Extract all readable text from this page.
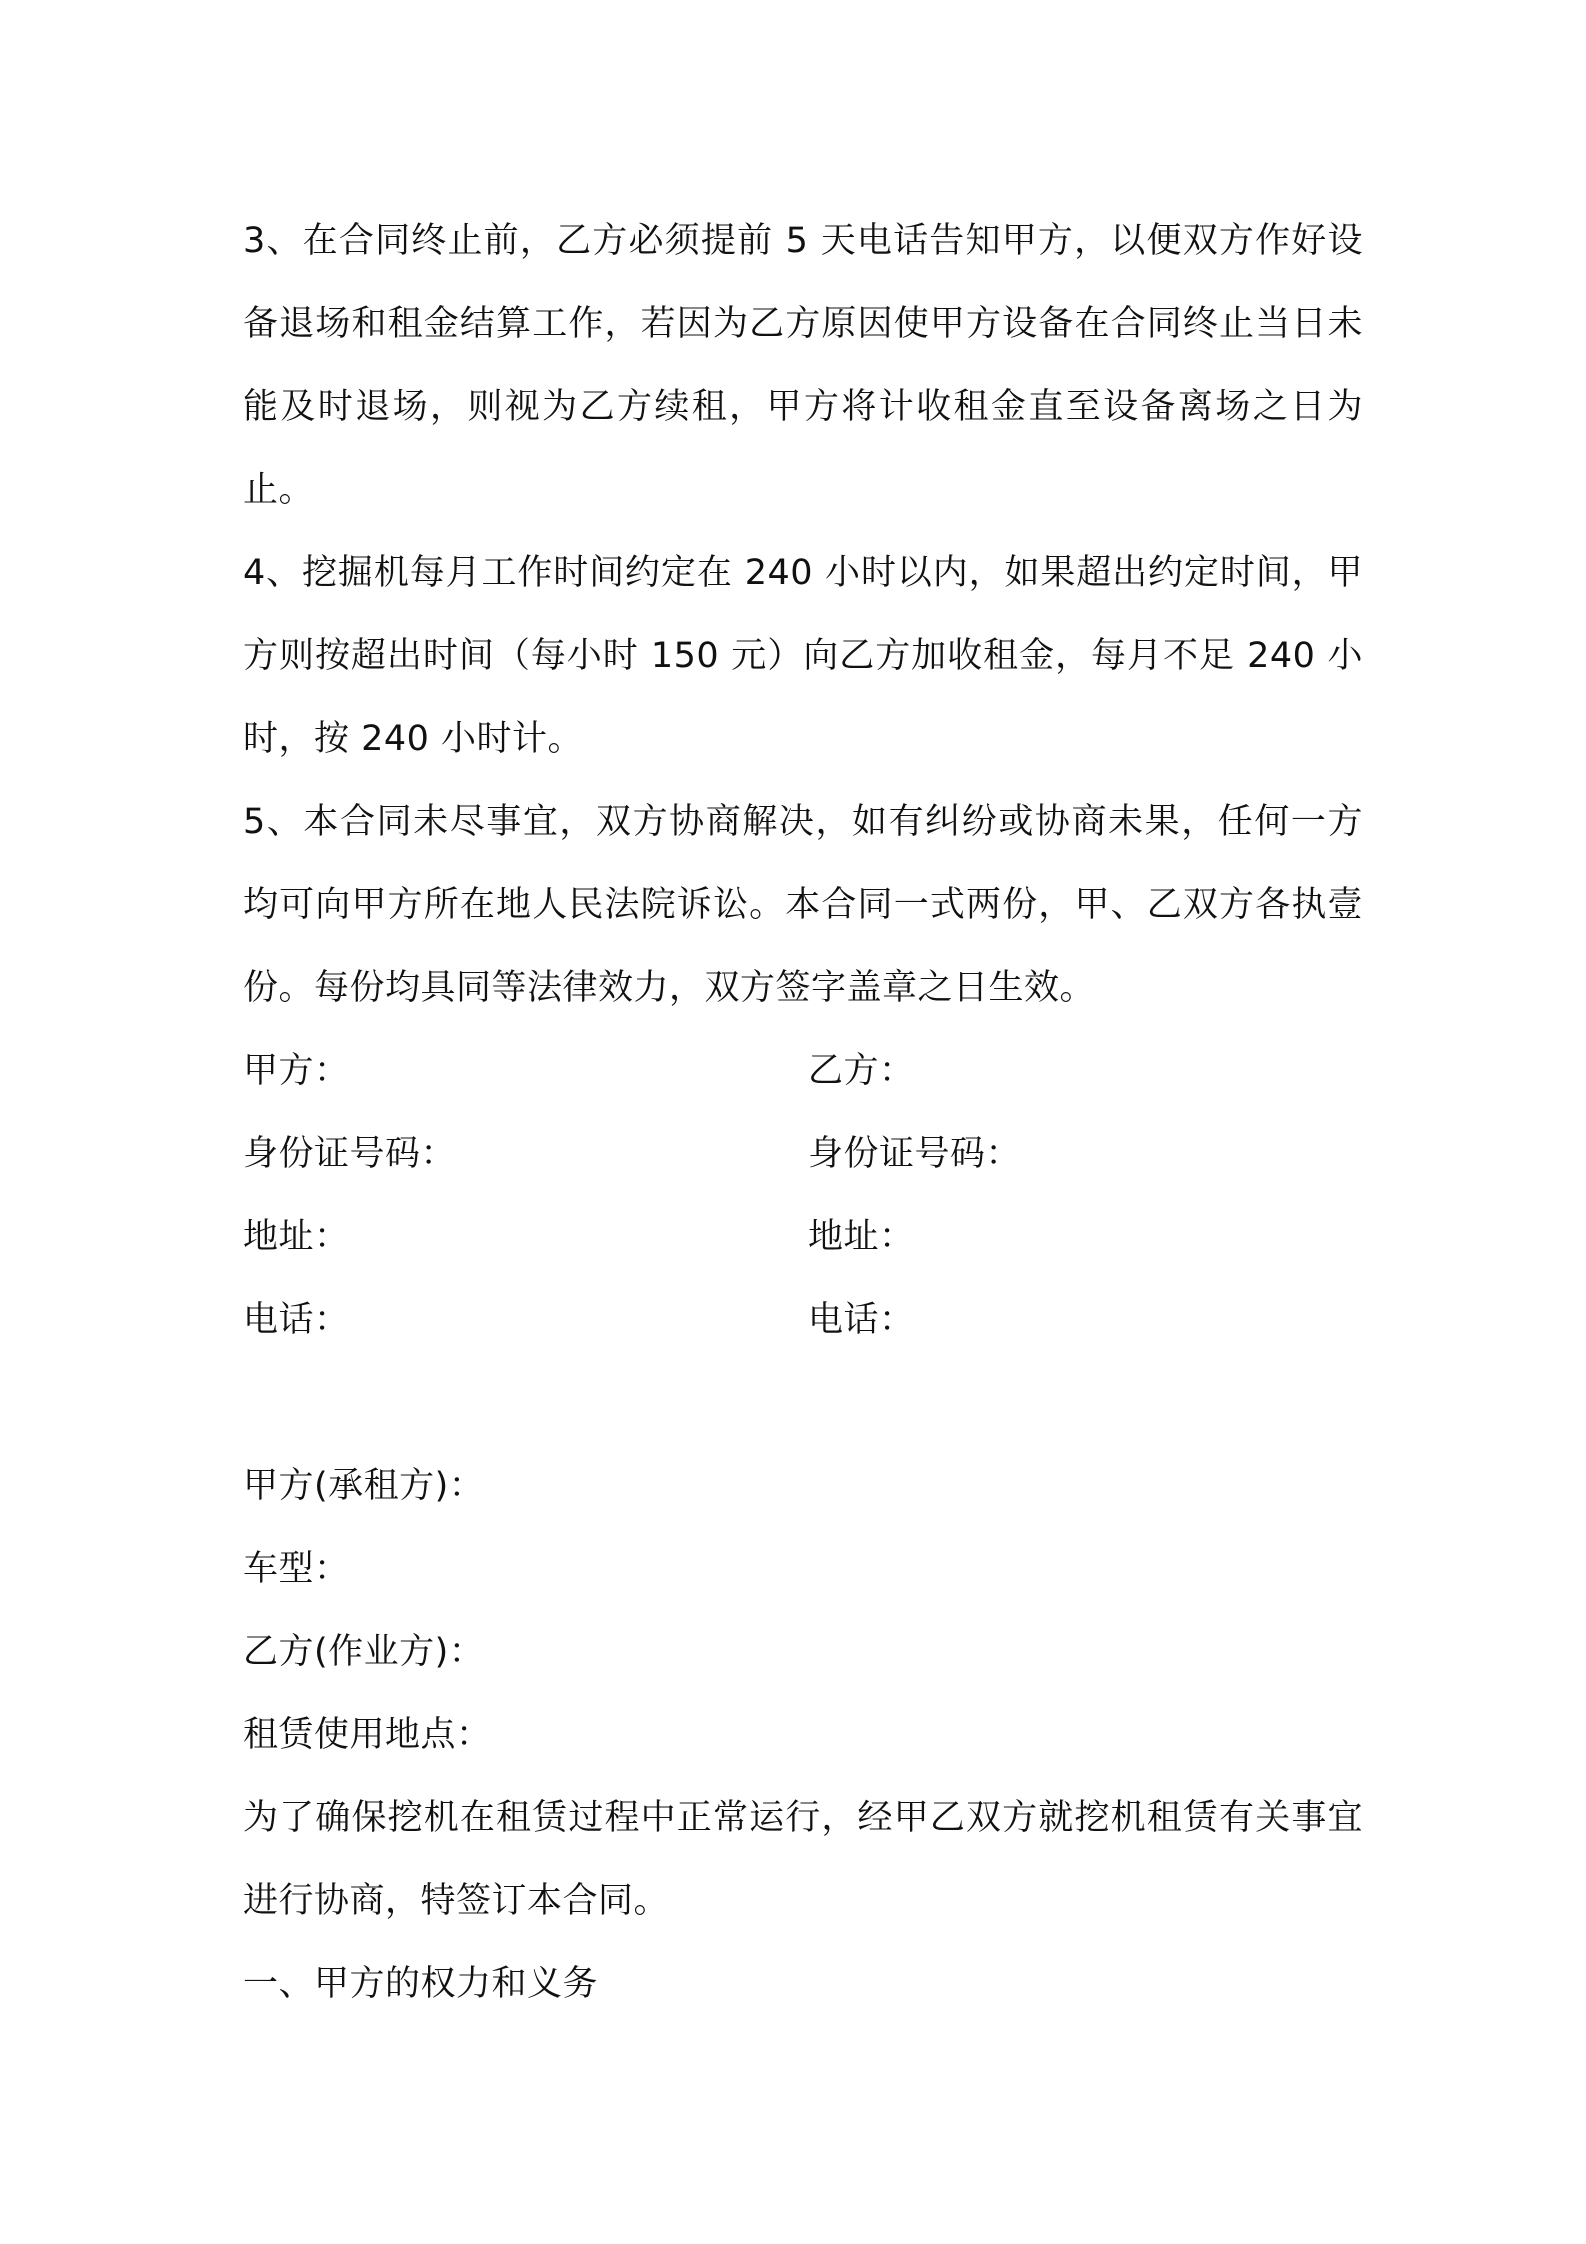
3、在合同终止前，乙方必须提前 5 天电话告知甲方，以便双方作好设备退场和租金结算工作，若因为乙方原因使甲方设备在合同终止当日未能及时退场，则视为乙方续租，甲方将计收租金直至设备离场之日为止。

4、挖掘机每月工作时间约定在 240 小时以内，如果超出约定时间，甲方则按超出时间（每小时 150 元）向乙方加收租金，每月不足 240 小时，按 240 小时计。

5、本合同未尽事宜，双方协商解决，如有纠纷或协商未果，任何一方均可向甲方所在地人民法院诉讼。本合同一式两份，甲、乙双方各执壹份。每份均具同等法律效力，双方签字盖章之日生效。

甲方：	乙方：
身份证号码：	身份证号码：
地址：	地址：
电话：	电话：
甲方(承租方)：
车型：
乙方(作业方)：
租赁使用地点：

为了确保挖机在租赁过程中正常运行，经甲乙双方就挖机租赁有关事宜进行协商，特签订本合同。

一、甲方的权力和义务
